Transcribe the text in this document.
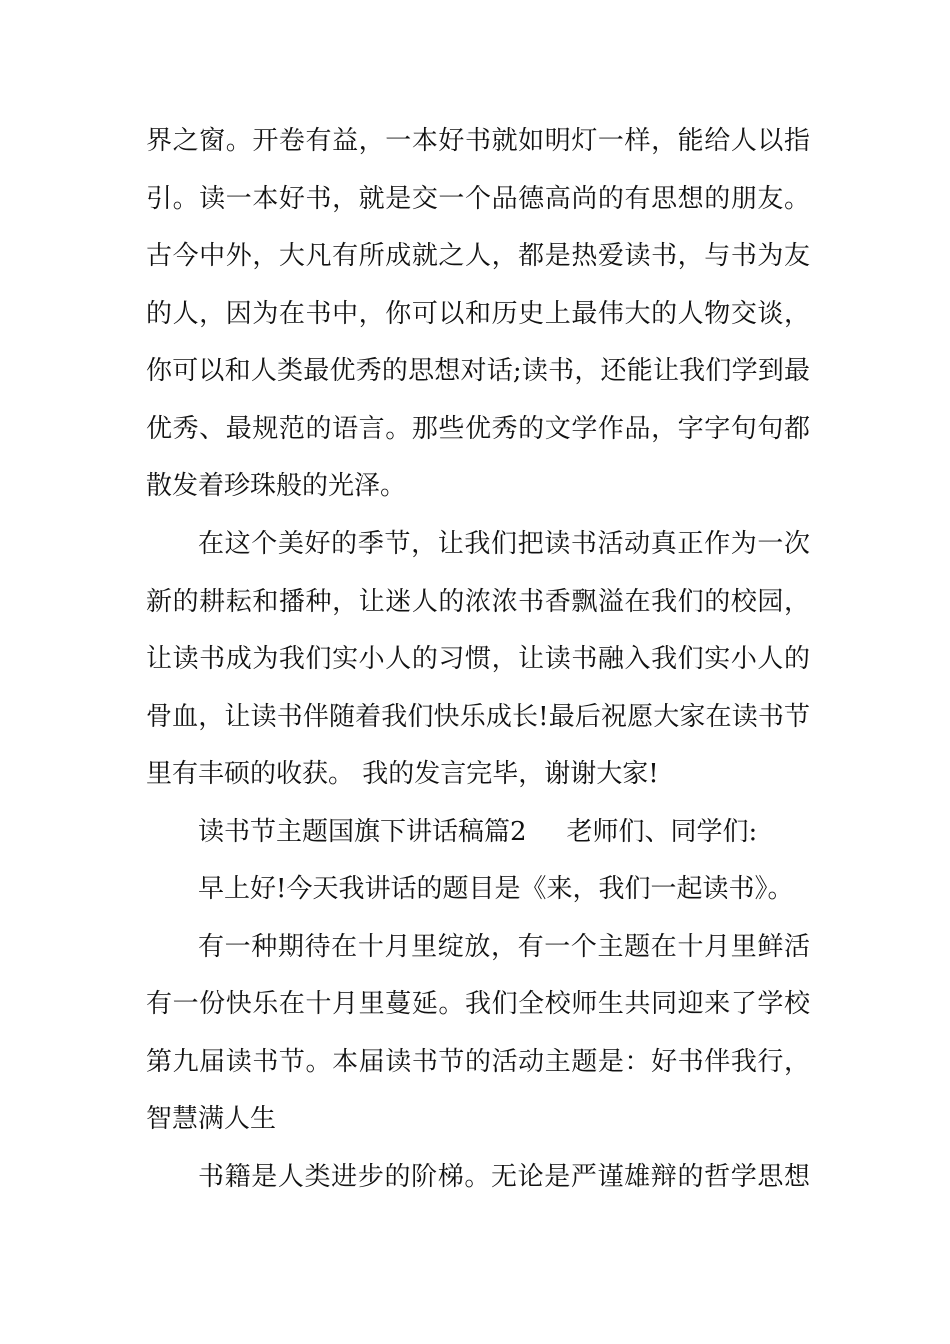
界之窗。开卷有益，一本好书就如明灯一样，能给人以指
引。读一本好书，就是交一个品德高尚的有思想的朋友。
古今中外，大凡有所成就之人，都是热爱读书，与书为友
的人，因为在书中，你可以和历史上最伟大的人物交谈，
你可以和人类最优秀的思想对话;读书，还能让我们学到最
优秀、最规范的语言。那些优秀的文学作品，字字句句都
散发着珍珠般的光泽。
在这个美好的季节，让我们把读书活动真正作为一次
新的耕耘和播种，让迷人的浓浓书香飘溢在我们的校园，
让读书成为我们实小人的习惯，让读书融入我们实小人的
骨血，让读书伴随着我们快乐成长!最后祝愿大家在读书节
里有丰硕的收获。 我的发言完毕，谢谢大家!
读书节主题国旗下讲话稿篇2 老师们、同学们:
早上好!今天我讲话的题目是《来，我们一起读书》。
有一种期待在十月里绽放，有一个主题在十月里鲜活
有一份快乐在十月里蔓延。我们全校师生共同迎来了学校
第九届读书节。本届读书节的活动主题是：好书伴我行，
智慧满人生
书籍是人类进步的阶梯。无论是严谨雄辩的哲学思想
